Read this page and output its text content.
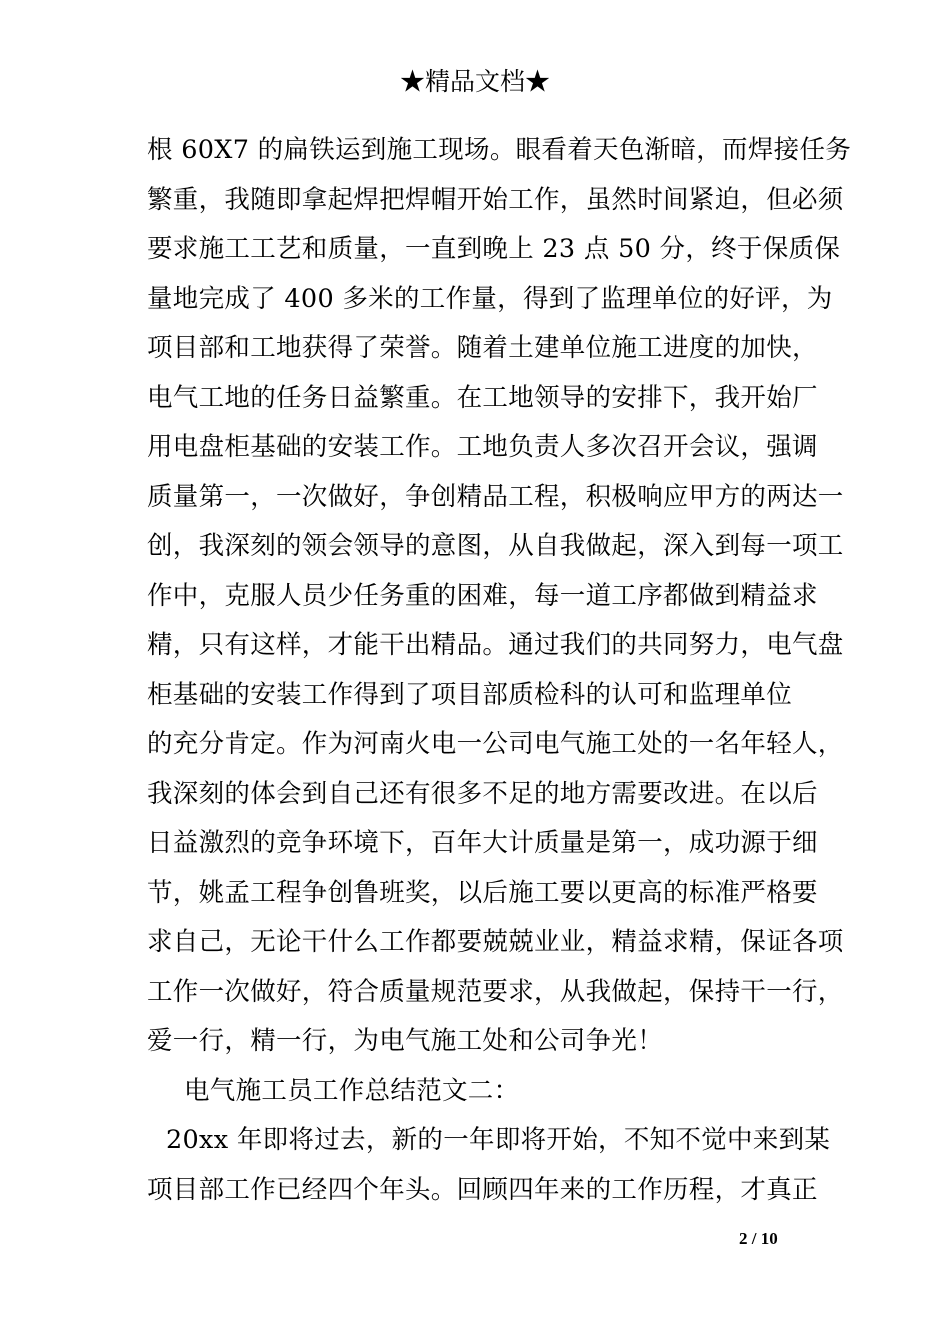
★精品文档★
根 60X7 的扁铁运到施工现场。眼看着天色渐暗，而焊接任务
繁重，我随即拿起焊把焊帽开始工作，虽然时间紧迫，但必须
要求施工工艺和质量，一直到晚上 23 点 50 分，终于保质保
量地完成了 400 多米的工作量，得到了监理单位的好评，为
项目部和工地获得了荣誉。随着土建单位施工进度的加快，
电气工地的任务日益繁重。在工地领导的安排下，我开始厂
用电盘柜基础的安装工作。工地负责人多次召开会议，强调
质量第一，一次做好，争创精品工程，积极响应甲方的两达一
创，我深刻的领会领导的意图，从自我做起，深入到每一项工
作中，克服人员少任务重的困难，每一道工序都做到精益求
精，只有这样，才能干出精品。通过我们的共同努力，电气盘
柜基础的安装工作得到了项目部质检科的认可和监理单位
的充分肯定。作为河南火电一公司电气施工处的一名年轻人，
我深刻的体会到自己还有很多不足的地方需要改进。在以后
日益激烈的竞争环境下，百年大计质量是第一，成功源于细
节，姚孟工程争创鲁班奖，以后施工要以更高的标准严格要
求自己，无论干什么工作都要兢兢业业，精益求精，保证各项
工作一次做好，符合质量规范要求，从我做起，保持干一行，
爱一行，精一行，为电气施工处和公司争光！
电气施工员工作总结范文二：
20xx 年即将过去，新的一年即将开始，不知不觉中来到某
项目部工作已经四个年头。回顾四年来的工作历程，才真正
2 / 10
